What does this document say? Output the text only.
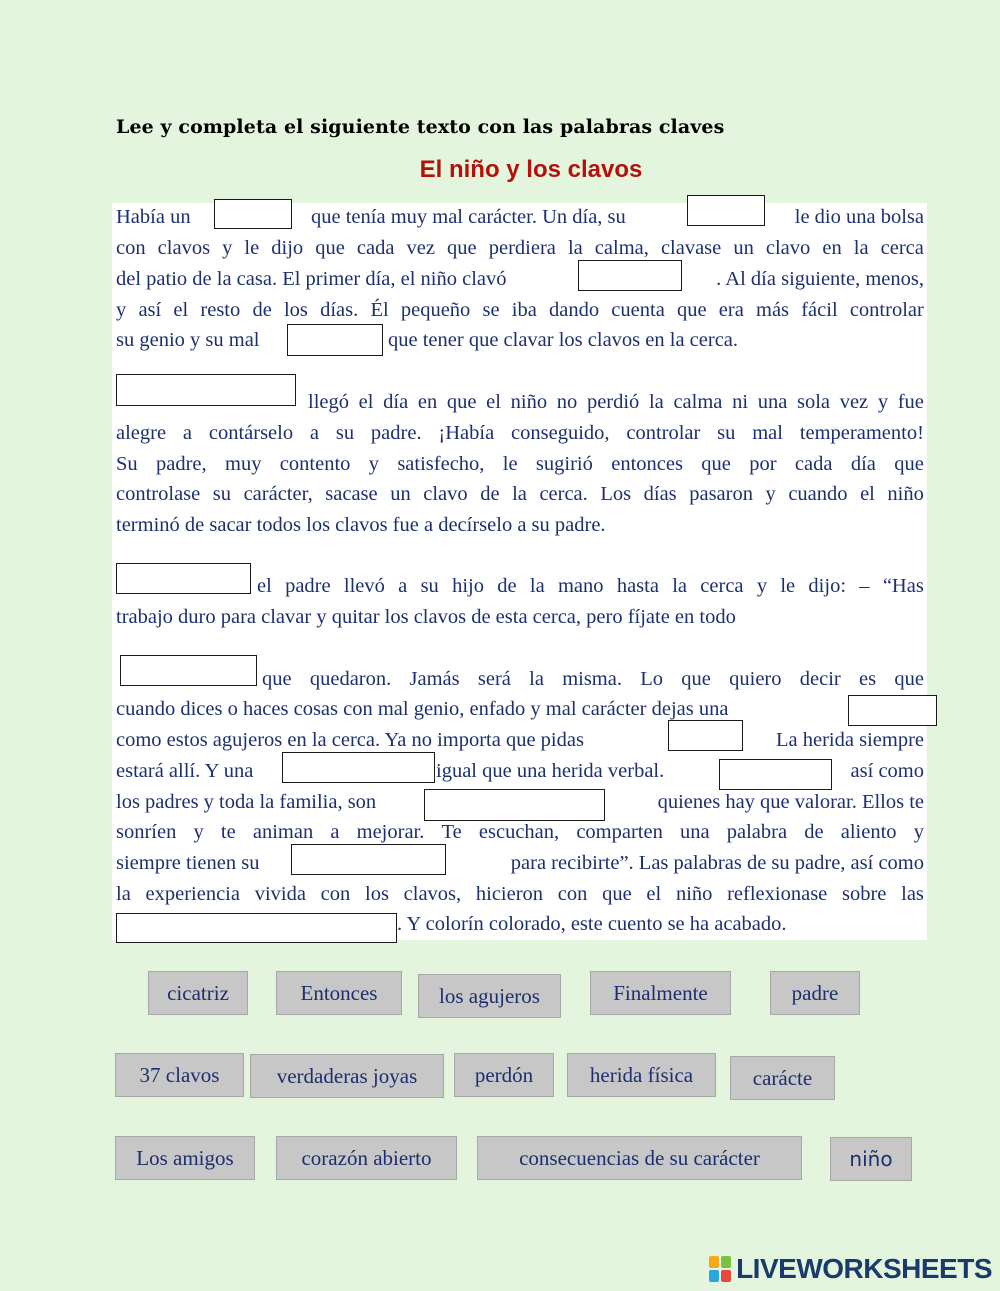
Lee y completa el siguiente texto con las palabras claves
El niño y los clavos
Había un	que tenía muy mal carácter. Un día, su	le dio una bolsa
con clavos y le dijo que cada vez que perdiera la calma, clavase un clavo en la cerca
del patio de la casa. El primer día, el niño clavó	. Al día siguiente, menos,
y así el resto de los días. Él pequeño se iba dando cuenta que era más fácil controlar
su genio y su mal	que tener que clavar los clavos en la cerca.
llegó el día en que el niño no perdió la calma ni una sola vez y fue
alegre a contárselo a su padre. ¡Había conseguido, controlar su mal temperamento!
Su padre, muy contento y satisfecho, le sugirió entonces que por cada día que
controlase su carácter, sacase un clavo de la cerca. Los días pasaron y cuando el niño
terminó de sacar todos los clavos fue a decírselo a su padre.
el padre llevó a su hijo de la mano hasta la cerca y le dijo: – “Has
trabajo duro para clavar y quitar los clavos de esta cerca, pero fíjate en todo
que quedaron. Jamás será la misma. Lo que quiero decir es que
cuando dices o haces cosas con mal genio, enfado y mal carácter dejas una
como estos agujeros en la cerca. Ya no importa que pidas	La herida siempre
estará allí. Y una	igual que una herida verbal.	así como
los padres y toda la familia, son	quienes hay que valorar. Ellos te
sonríen y te animan a mejorar. Te escuchan, comparten una palabra de aliento y
siempre tienen su	para recibirte”. Las palabras de su padre, así como
la experiencia vivida con los clavos, hicieron con que el niño reflexionase sobre las
. Y colorín colorado, este cuento se ha acabado.
cicatriz	Entonces	los agujeros	Finalmente	padre
37 clavos	verdaderas joyas	perdón	herida física	carácte
Los amigos	corazón abierto	consecuencias de su carácter	niño
LIVEWORKSHEETS
